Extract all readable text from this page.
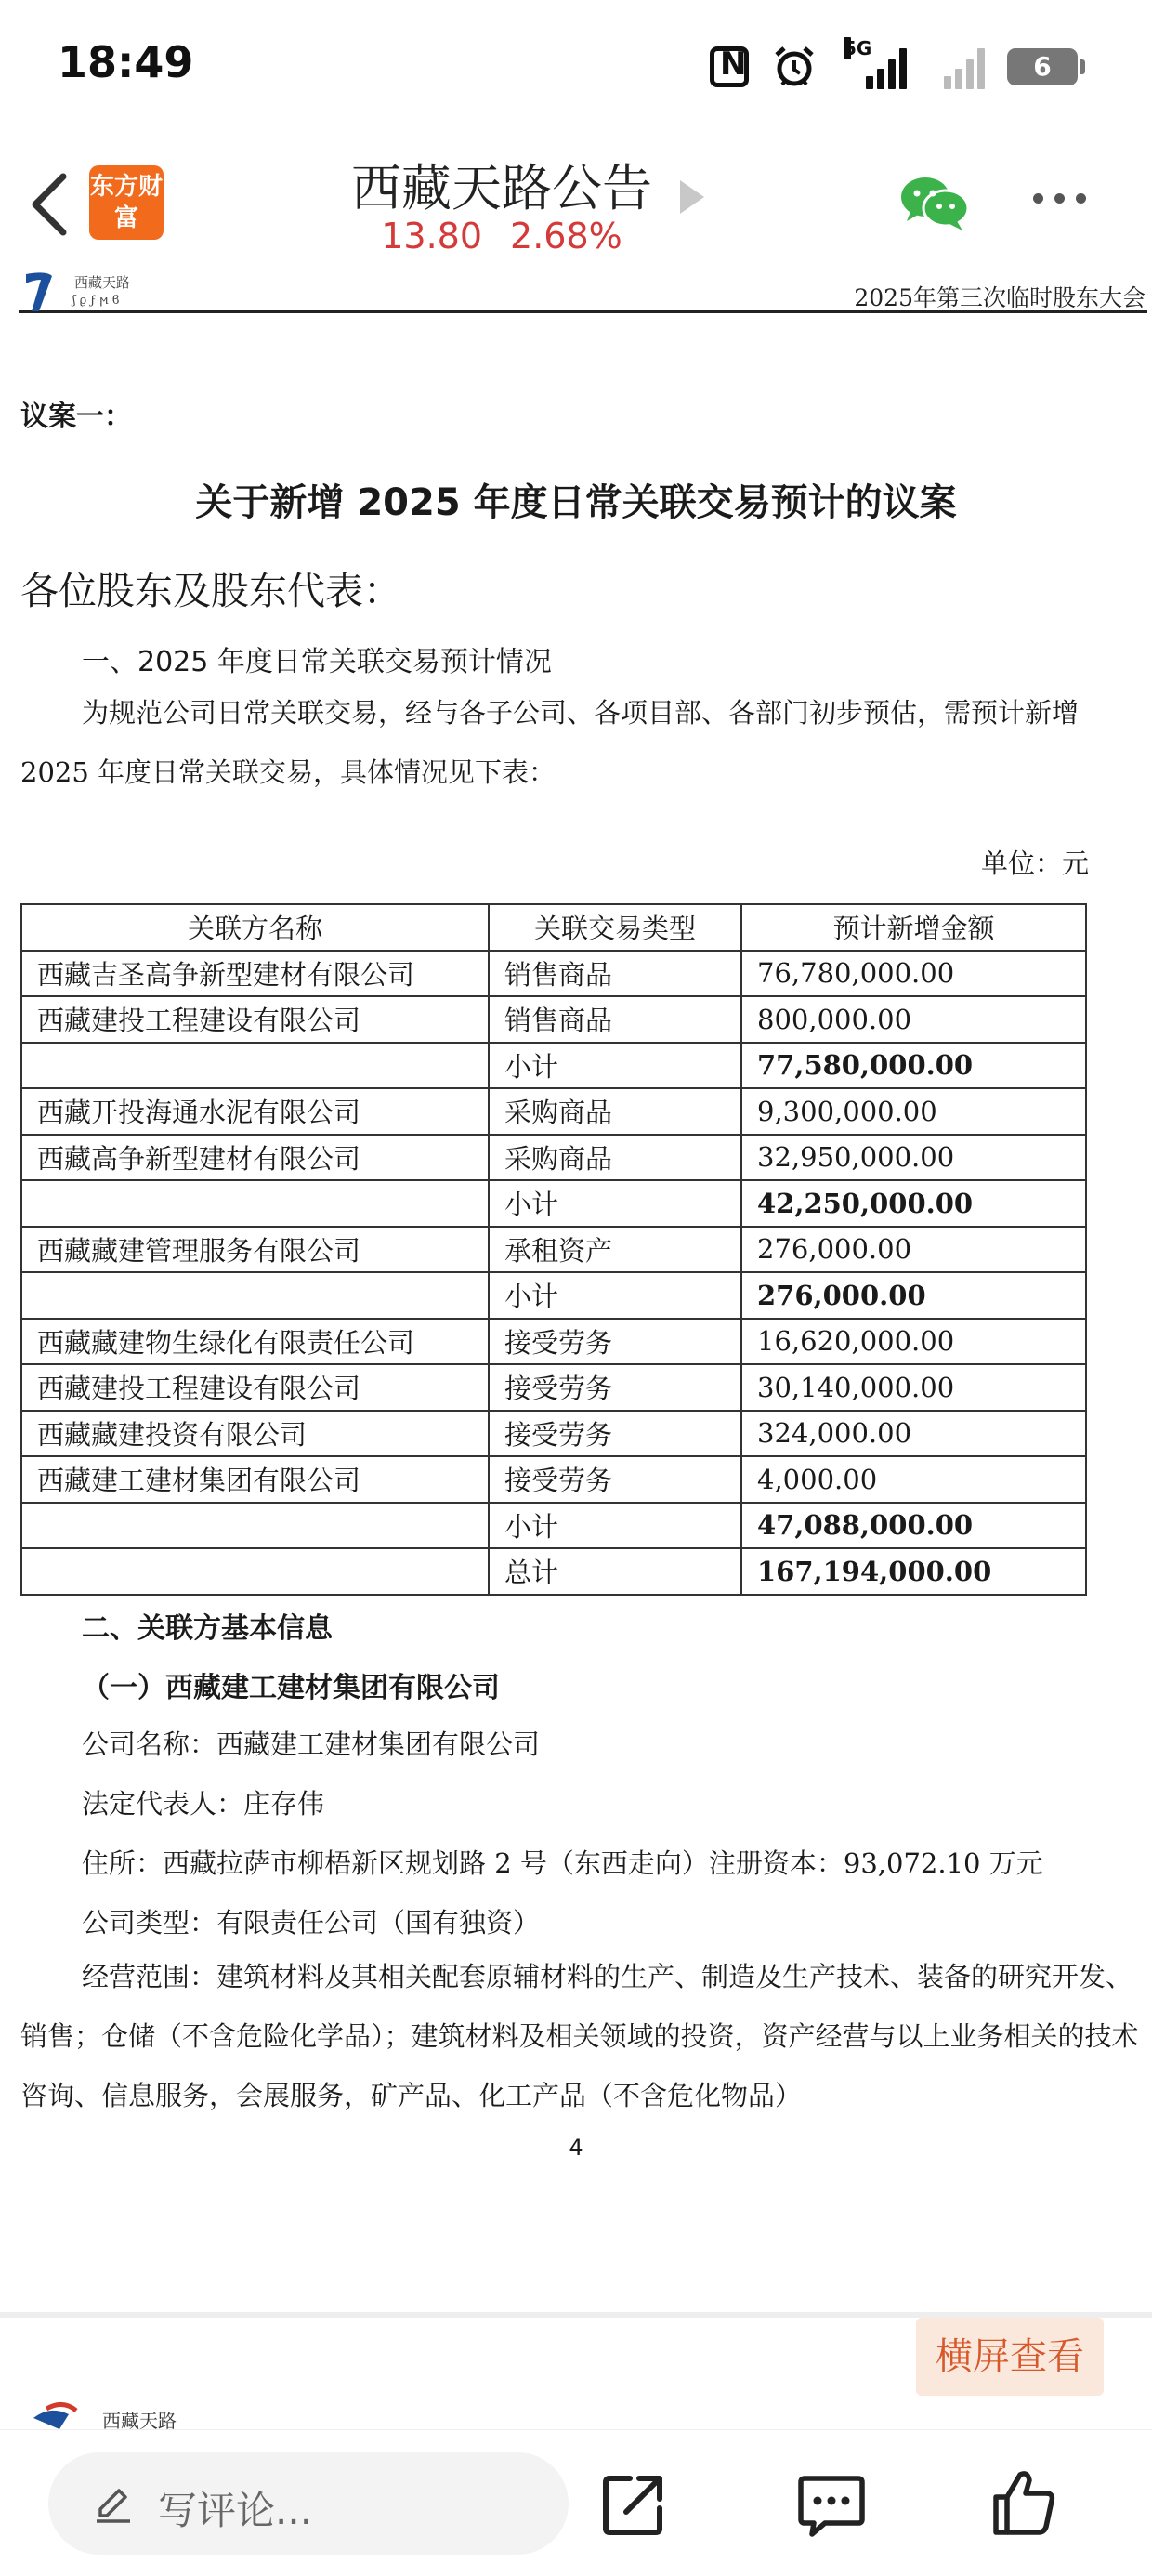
18:49 N	5G
6
东方财富
西藏天路公告
13.80 2.68%
西藏天路
ʃ ϱ ϝ ϻ ϐ	2025年第三次临时股东大会
议案一：
关于新增 2025 年度日常关联交易预计的议案
各位股东及股东代表：
一、2025 年度日常关联交易预计情况
为规范公司日常关联交易，经与各子公司、各项目部、各部门初步预估，需预计新增 2025 年度日常关联交易，具体情况见下表：
单位：元
关联方名称	关联交易类型	预计新增金额
西藏吉圣高争新型建材有限公司	销售商品	76,780,000.00
西藏建投工程建设有限公司	销售商品	800,000.00
	小计	77,580,000.00
西藏开投海通水泥有限公司	采购商品	9,300,000.00
西藏高争新型建材有限公司	采购商品	32,950,000.00
	小计	42,250,000.00
西藏藏建管理服务有限公司	承租资产	276,000.00
	小计	276,000.00
西藏藏建物生绿化有限责任公司	接受劳务	16,620,000.00
西藏建投工程建设有限公司	接受劳务	30,140,000.00
西藏藏建投资有限公司	接受劳务	324,000.00
西藏建工建材集团有限公司	接受劳务	4,000.00
	小计	47,088,000.00
	总计	167,194,000.00
二、关联方基本信息
（一）西藏建工建材集团有限公司
公司名称：西藏建工建材集团有限公司
法定代表人：庄存伟
住所：西藏拉萨市柳梧新区规划路 2 号（东西走向）注册资本：93,072.10 万元
公司类型：有限责任公司（国有独资）
经营范围：建筑材料及其相关配套原辅材料的生产、制造及生产技术、装备的研究开发、销售；仓储（不含危险化学品）；建筑材料及相关领域的投资，资产经营与以上业务相关的技术咨询、信息服务，会展服务，矿产品、化工产品（不含危化物品）
4
西藏天路
横屏查看
写评论...
